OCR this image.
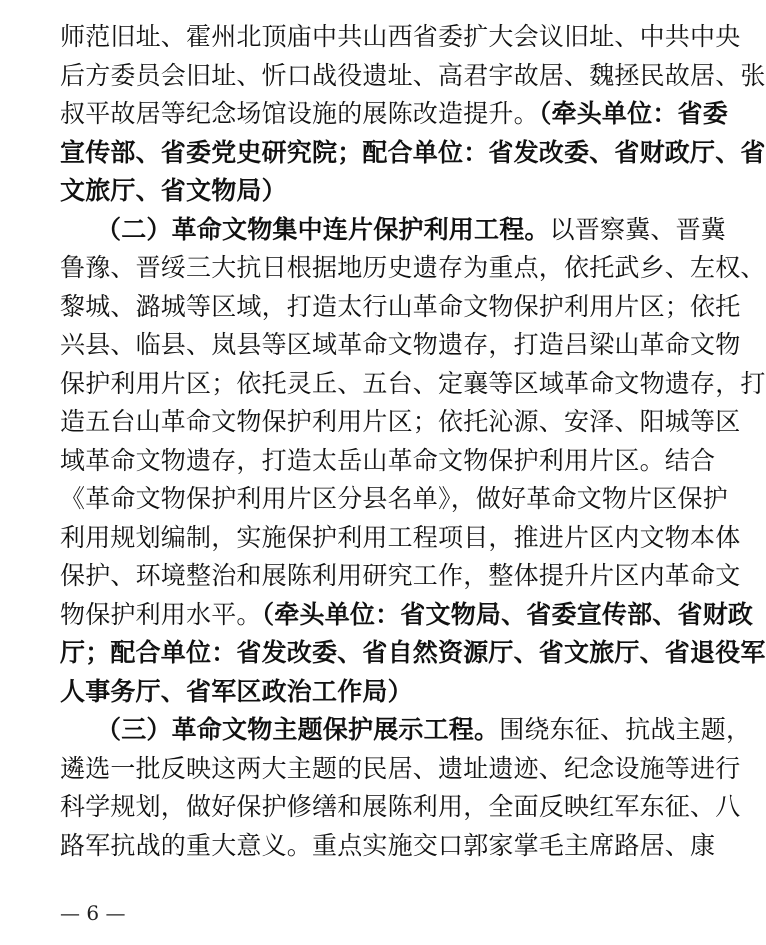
师范旧址、霍州北顶庙中共山西省委扩大会议旧址、中共中央
后方委员会旧址、忻口战役遗址、高君宇故居、魏拯民故居、张
叔平故居等纪念场馆设施的展陈改造提升。（牵头单位：省委
宣传部、省委党史研究院；配合单位：省发改委、省财政厅、省
文旅厅、省文物局）
（二）革命文物集中连片保护利用工程。以晋察冀、晋冀
鲁豫、晋绥三大抗日根据地历史遗存为重点，依托武乡、左权、
黎城、潞城等区域，打造太行山革命文物保护利用片区；依托
兴县、临县、岚县等区域革命文物遗存，打造吕梁山革命文物
保护利用片区；依托灵丘、五台、定襄等区域革命文物遗存，打
造五台山革命文物保护利用片区；依托沁源、安泽、阳城等区
域革命文物遗存，打造太岳山革命文物保护利用片区。结合
《革命文物保护利用片区分县名单》，做好革命文物片区保护
利用规划编制，实施保护利用工程项目，推进片区内文物本体
保护、环境整治和展陈利用研究工作，整体提升片区内革命文
物保护利用水平。（牵头单位：省文物局、省委宣传部、省财政
厅；配合单位：省发改委、省自然资源厅、省文旅厅、省退役军
人事务厅、省军区政治工作局）
（三）革命文物主题保护展示工程。围绕东征、抗战主题，
遴选一批反映这两大主题的民居、遗址遗迹、纪念设施等进行
科学规划，做好保护修缮和展陈利用，全面反映红军东征、八
路军抗战的重大意义。重点实施交口郭家掌毛主席路居、康
— 6 —
